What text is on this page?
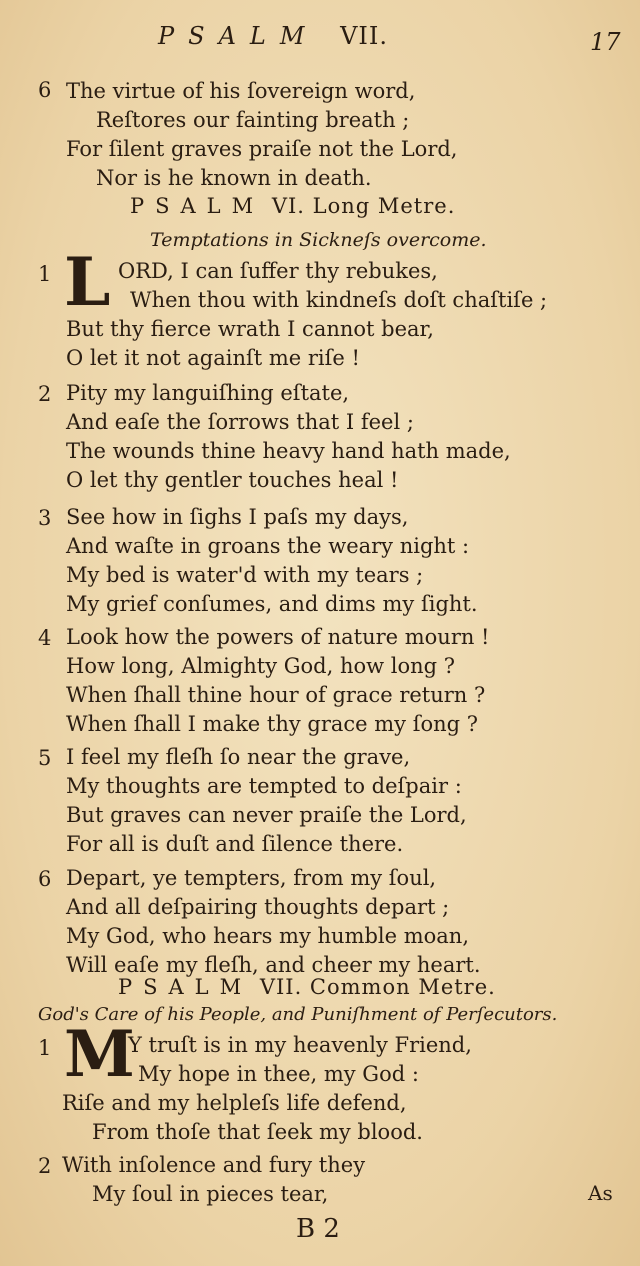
PSALM VII.	17
6 The virtue of his ſovereign word,
Reſtores our fainting breath ;
For ſilent graves praiſe not the Lord,
Nor is he known in death.
PSALM VI. Long Metre.
Temptations in Sickneſs overcome.
1 L ORD, I can ſuffer thy rebukes,
When thou with kindneſs doſt chaſtiſe ;
But thy fierce wrath I cannot bear,
O let it not againſt me riſe !
2 Pity my languiſhing eſtate,
And eaſe the ſorrows that I feel ;
The wounds thine heavy hand hath made,
O let thy gentler touches heal !
3 See how in ſighs I paſs my days,
And waſte in groans the weary night :
My bed is water'd with my tears ;
My grief conſumes, and dims my ſight.
4 Look how the powers of nature mourn !
How long, Almighty God, how long ?
When ſhall thine hour of grace return ?
When ſhall I make thy grace my ſong ?
5 I feel my fleſh ſo near the grave,
My thoughts are tempted to deſpair :
But graves can never praiſe the Lord,
For all is duſt and ſilence there.
6 Depart, ye tempters, from my ſoul,
And all deſpairing thoughts depart ;
My God, who hears my humble moan,
Will eaſe my fleſh, and cheer my heart.
PSALM VII. Common Metre.
God's Care of his People, and Puniſhment of Perſecutors.
1 M
Y truſt is in my heavenly Friend,
My hope in thee, my God :
Riſe and my helpleſs life defend,
From thoſe that ſeek my blood.
2 With inſolence and fury they
My ſoul in pieces tear,	As
B 2
